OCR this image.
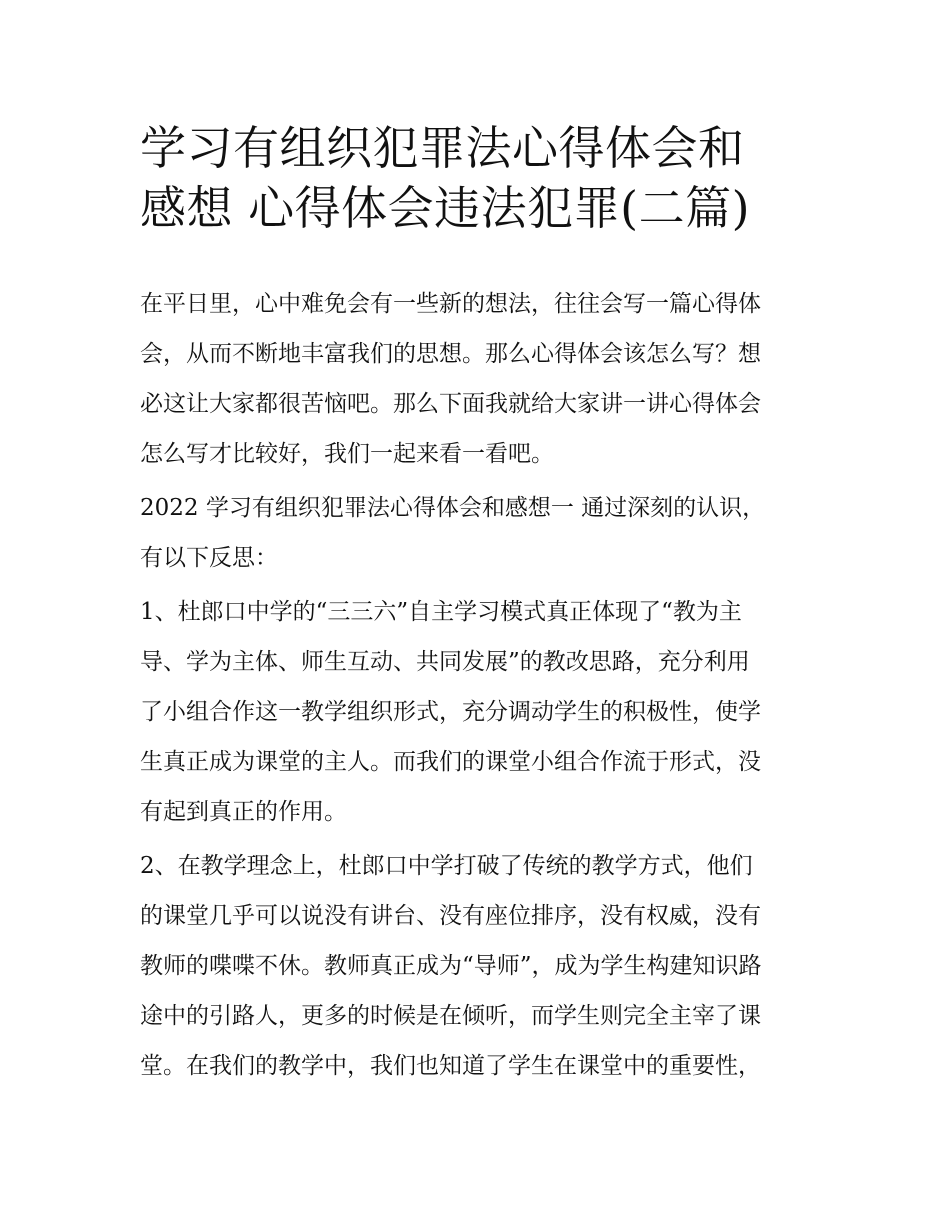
学习有组织犯罪法心得体会和
感想 心得体会违法犯罪(二篇)

在平日里，心中难免会有一些新的想法，往往会写一篇心得体
会，从而不断地丰富我们的思想。那么心得体会该怎么写？想
必这让大家都很苦恼吧。那么下面我就给大家讲一讲心得体会
怎么写才比较好，我们一起来看一看吧。

2022 学习有组织犯罪法心得体会和感想一 通过深刻的认识，
有以下反思：

1、杜郎口中学的“三三六”自主学习模式真正体现了“教为主
导、学为主体、师生互动、共同发展”的教改思路，充分利用
了小组合作这一教学组织形式，充分调动学生的积极性，使学
生真正成为课堂的主人。而我们的课堂小组合作流于形式，没
有起到真正的作用。

2、在教学理念上，杜郎口中学打破了传统的教学方式，他们
的课堂几乎可以说没有讲台、没有座位排序，没有权威，没有
教师的喋喋不休。教师真正成为“导师”，成为学生构建知识路
途中的引路人，更多的时候是在倾听，而学生则完全主宰了课
堂。在我们的教学中，我们也知道了学生在课堂中的重要性，
